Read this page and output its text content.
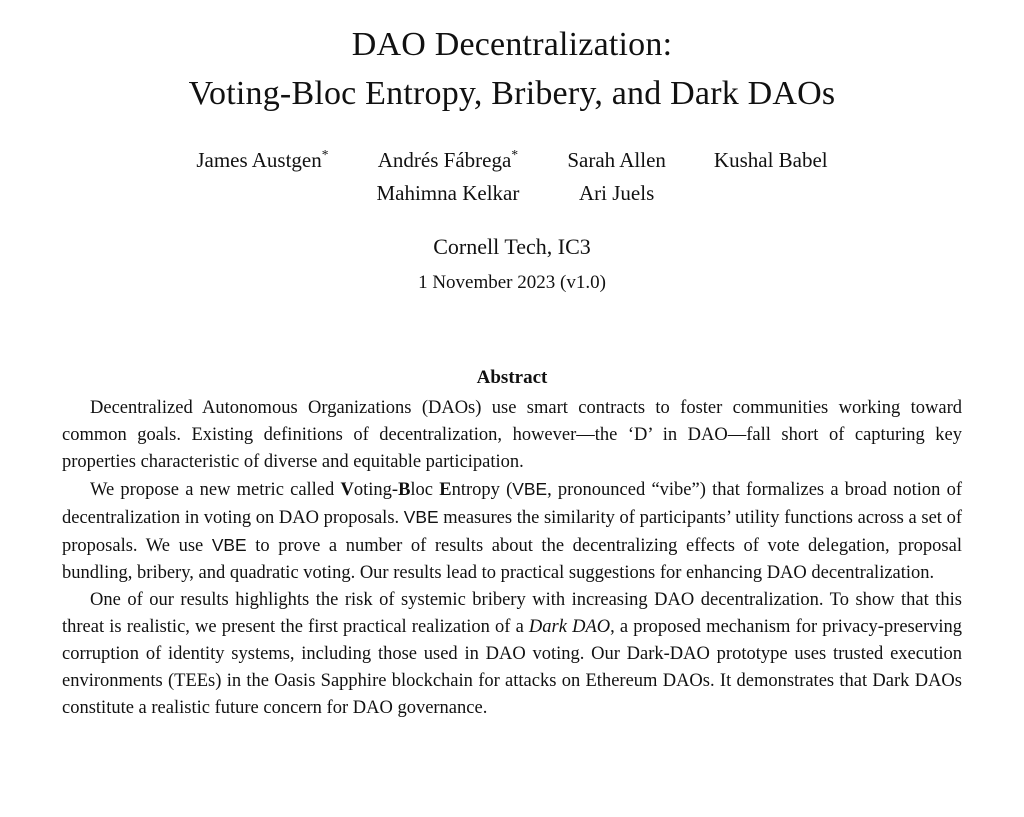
DAO Decentralization:
Voting-Bloc Entropy, Bribery, and Dark DAOs
James Austgen* Andrés Fábrega*
Mahimna Kelkar
Sarah Allen
Ari Juels
Kushal Babel
Cornell Tech, IC3
1 November 2023 (v1.0)
Abstract

Decentralized Autonomous Organizations (DAOs) use smart contracts to foster communities working toward common goals. Existing definitions of decentralization, however—the ‘D’ in DAO—fall short of capturing key properties characteristic of diverse and equitable participation.

We propose a new metric called Voting-Bloc Entropy (VBE, pronounced “vibe”) that formalizes a broad notion of decentralization in voting on DAO proposals. VBE measures the similarity of participants’ utility functions across a set of proposals. We use VBE to prove a number of results about the decentralizing effects of vote delegation, proposal bundling, bribery, and quadratic voting. Our results lead to practical suggestions for enhancing DAO decentralization.

One of our results highlights the risk of systemic bribery with increasing DAO decentralization. To show that this threat is realistic, we present the first practical realization of a Dark DAO, a proposed mechanism for privacy-preserving corruption of identity systems, including those used in DAO voting. Our Dark-DAO prototype uses trusted execution environments (TEEs) in the Oasis Sapphire blockchain for attacks on Ethereum DAOs. It demonstrates that Dark DAOs constitute a realistic future concern for DAO governance.
